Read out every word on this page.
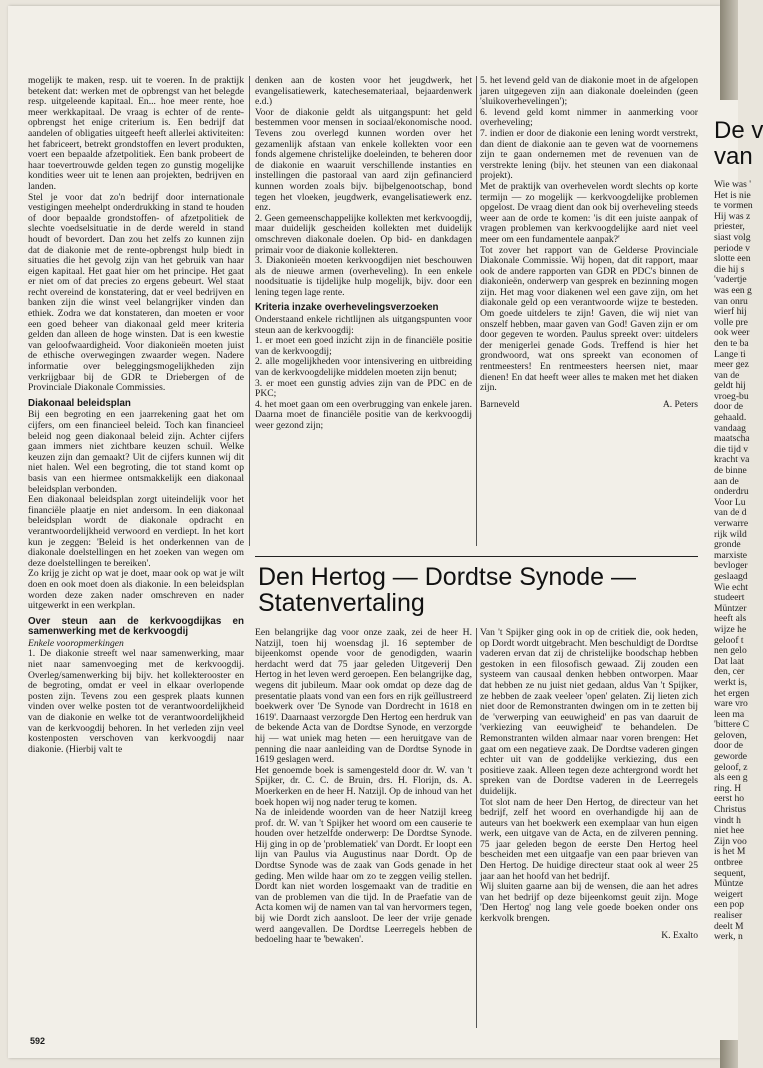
De v
van
Wie was '
Het is nie
te vormen
Hij was z
priester,
siast volg
periode v
slotte een
die hij s
'vadertje
was een g
van onru
wierf hij
volle pre
ook weer
den te ba
Lange ti
meer gez
van de
geldt hij
vroeg-bu
door de
gehaald.
vandaag
maatscha
die tijd v
kracht va
de binne
aan de
onderdru
Voor Lu
van de d
verwarre
rijk wild
gronde
marxiste
bevloger
geslaagd
Wie echt
studeert
Müntzer
heeft als
wijze he
geloof t
nen gelo
Dat laat
den, cer
werkt is,
het ergen
ware vro
leen ma
'bittere C
geloven,
door de
geworde
geloof, z
als een g
ring. H
eerst ho
Christus
vindt h
niet hee
Zijn voo
is het M
ontbree
sequent,
Müntze
weigert
een pop
realiser
deelt M
werk, n

mogelijk te maken, resp. uit te voeren. In de praktijk betekent dat: werken met de opbrengst van het belegde resp. uitgeleende kapitaal. En... hoe meer rente, hoe meer werkkapitaal. De vraag is echter of de rente-opbrengst het enige criterium is. Een bedrijf dat aandelen of obligaties uitgeeft heeft allerlei aktiviteiten: het fabriceert, betrekt grondstoffen en levert produkten, voert een bepaalde afzetpolitiek. Een bank probeert de haar toevertrouwde gelden tegen zo gunstig mogelijke kondities weer uit te lenen aan projekten, bedrijven en landen.

Stel je voor dat zo'n bedrijf door internationale vestigingen meehelpt onderdrukking in stand te houden of door bepaalde grondstoffen- of afzetpolitiek de slechte voedselsituatie in de derde wereld in stand houdt of bevordert. Dan zou het zelfs zo kunnen zijn dat de diakonie met de rente-opbrengst hulp biedt in situaties die het gevolg zijn van het gebruik van haar eigen kapitaal. Het gaat hier om het principe. Het gaat er niet om of dat precies zo ergens gebeurt. Wel staat recht overeind de konstatering, dat er veel bedrijven en banken zijn die winst veel belangrijker vinden dan ethiek. Zodra we dat konstateren, dan moeten er voor een goed beheer van diakonaal geld meer kriteria gelden dan alleen de hoge winsten. Dat is een kwestie van geloofwaardigheid. Voor diakonieën moeten juist de ethische overwegingen zwaarder wegen. Nadere informatie over beleggingsmogelijkheden zijn verkrijgbaar bij de GDR te Driebergen of de Provinciale Diakonale Commissies.

Diakonaal beleidsplan

Bij een begroting en een jaarrekening gaat het om cijfers, om een financieel beleid. Toch kan financieel beleid nog geen diakonaal beleid zijn. Achter cijfers gaan immers niet zichtbare keuzen schuil. Welke keuzen zijn dan gemaakt? Uit de cijfers kunnen wij dit niet halen. Wel een begroting, die tot stand komt op basis van een hiermee ontsmakkelijk een diakonaal beleidsplan verbonden.

Een diakonaal beleidsplan zorgt uiteindelijk voor het financiële plaatje en niet andersom. In een diakonaal beleidsplan wordt de diakonale opdracht en verantwoordelijkheid verwoord en verdiept. In het kort kun je zeggen: 'Beleid is het onderkennen van de diakonale doelstellingen en het zoeken van wegen om deze doelstellingen te bereiken'.

Zo krijg je zicht op wat je doet, maar ook op wat je wilt doen en ook moet doen als diakonie. In een beleidsplan worden deze zaken nader omschreven en nader uitgewerkt in een werkplan.

Over steun aan de kerkvoogdijkas en samenwerking met de kerkvoogdij

Enkele vooropmerkingen

1. De diakonie streeft wel naar samenwerking, maar niet naar samenvoeging met de kerkvoogdij. Overleg/samenwerking bij bijv. het kollekterooster en de begroting, omdat er veel in elkaar overlopende posten zijn. Tevens zou een gesprek plaats kunnen vinden over welke posten tot de verantwoordelijkheid van de diakonie en welke tot de verantwoordelijkheid van de kerkvoogdij behoren. In het verleden zijn veel kostenposten verschoven van kerkvoogdij naar diakonie. (Hierbij valt te

denken aan de kosten voor het jeugdwerk, het evangelisatiewerk, katechesemateriaal, bejaardenwerk e.d.)

Voor de diakonie geldt als uitgangspunt: het geld bestemmen voor mensen in sociaal/ekonomische nood. Tevens zou overlegd kunnen worden over het gezamenlijk afstaan van enkele kollekten voor een fonds algemene christelijke doeleinden, te beheren door de diakonie en waaruit verschillende instanties en instellingen die pastoraal van aard zijn gefinancierd kunnen worden zoals bijv. bijbelgenootschap, bond tegen het vloeken, jeugdwerk, evangelisatiewerk enz. enz.

2. Geen gemeenschappelijke kollekten met kerkvoogdij, maar duidelijk gescheiden kollekten met duidelijk omschreven diakonale doelen. Op bid- en dankdagen primair voor de diakonie kollekteren.

3. Diakonieën moeten kerkvoogdijen niet beschouwen als de nieuwe armen (overheveling). In een enkele noodsituatie is tijdelijke hulp mogelijk, bijv. door een lening tegen lage rente.

Kriteria inzake overhevelingsverzoeken

Onderstaand enkele richtlijnen als uitgangspunten voor steun aan de kerkvoogdij:

1. er moet een goed inzicht zijn in de financiële positie van de kerkvoogdij;

2. alle mogelijkheden voor intensivering en uitbreiding van de kerkvoogdelijke middelen moeten zijn benut;

3. er moet een gunstig advies zijn van de PDC en de PKC;

4. het moet gaan om een overbrugging van enkele jaren. Daarna moet de financiële positie van de kerkvoogdij weer gezond zijn;

5. het levend geld van de diakonie moet in de afgelopen jaren uitgegeven zijn aan diakonale doeleinden (geen 'sluikoverhevelingen');

6. levend geld komt nimmer in aanmerking voor overheveling;

7. indien er door de diakonie een lening wordt verstrekt, dan dient de diakonie aan te geven wat de voornemens zijn te gaan ondernemen met de revenuen van de verstrekte lening (bijv. het steunen van een diakonaal projekt).

Met de praktijk van overhevelen wordt slechts op korte termijn — zo mogelijk — kerkvoogdelijke problemen opgelost. De vraag dient dan ook bij overheveling steeds weer aan de orde te komen: 'is dit een juiste aanpak of vragen problemen van kerkvoogdelijke aard niet veel meer om een fundamentele aanpak?'

Tot zover het rapport van de Gelderse Provinciale Diakonale Commissie. Wij hopen, dat dit rapport, maar ook de andere rapporten van GDR en PDC's binnen de diakonieën, onderwerp van gesprek en bezinning mogen zijn. Het mag voor diakenen wel een gave zijn, om het diakonale geld op een verantwoorde wijze te besteden. Om goede uitdelers te zijn! Gaven, die wij niet van onszelf hebben, maar gaven van God! Gaven zijn er om door gegeven te worden. Paulus spreekt over: uitdelers der menigerlei genade Gods. Treffend is hier het grondwoord, wat ons spreekt van economen of rentmeesters! En rentmeesters heersen niet, maar dienen! En dat heeft weer alles te maken met het diaken zijn.

Barneveld	A. Peters
Den Hertog — Dordtse Synode — Statenvertaling

Een belangrijke dag voor onze zaak, zei de heer H. Natzijl, toen hij woensdag jl. 16 september de bijeenkomst opende voor de genodigden, waarin herdacht werd dat 75 jaar geleden Uitgeverij Den Hertog in het leven werd geroepen. Een belangrijke dag, wegens dit jubileum. Maar ook omdat op deze dag de presentatie plaats vond van een fors en rijk geïllustreerd boekwerk over 'De Synode van Dordrecht in 1618 en 1619'. Daarnaast verzorgde Den Hertog een herdruk van de bekende Acta van de Dordtse Synode, en verzorgde hij — wat uniek mag heten — een heruitgave van de penning die naar aanleiding van de Dordtse Synode in 1619 geslagen werd.

Het genoemde boek is samengesteld door dr. W. van 't Spijker, dr. C. C. de Bruin, drs. H. Florijn, ds. A. Moerkerken en de heer H. Natzijl. Op de inhoud van het boek hopen wij nog nader terug te komen.

Na de inleidende woorden van de heer Natzijl kreeg prof. dr. W. van 't Spijker het woord om een causerie te houden over hetzelfde onderwerp: De Dordtse Synode. Hij ging in op de 'problematiek' van Dordt. Er loopt een lijn van Paulus via Augustinus naar Dordt. Op de Dordtse Synode was de zaak van Gods genade in het geding. Men wilde haar om zo te zeggen veilig stellen. Dordt kan niet worden losgemaakt van de traditie en van de problemen van die tijd. In de Praefatie van de Acta komen wij de namen van tal van hervormers tegen, bij wie Dordt zich aansloot. De leer der vrije genade werd aangevallen. De Dordtse Leerregels hebben de bedoeling haar te 'bewaken'.

Van 't Spijker ging ook in op de critiek die, ook heden, op Dordt wordt uitgebracht. Men beschuldigt de Dordtse vaderen ervan dat zij de christelijke boodschap hebben gestoken in een filosofisch gewaad. Zij zouden een systeem van causaal denken hebben ontworpen. Maar dat hebben ze nu juist niet gedaan, aldus Van 't Spijker, ze hebben de zaak veeleer 'open' gelaten. Zij lieten zich niet door de Remonstranten dwingen om in te zetten bij de 'verwerping van eeuwigheid' en pas van daaruit de 'verkiezing van eeuwigheid' te behandelen. De Remonstranten wilden almaar naar voren brengen: Het gaat om een negatieve zaak. De Dordtse vaderen gingen echter uit van de goddelijke verkiezing, dus een positieve zaak. Alleen tegen deze achtergrond wordt het spreken van de Dordtse vaderen in de Leerregels duidelijk.

Tot slot nam de heer Den Hertog, de directeur van het bedrijf, zelf het woord en overhandigde hij aan de auteurs van het boekwerk een exemplaar van hun eigen werk, een uitgave van de Acta, en de zilveren penning. 75 jaar geleden begon de eerste Den Hertog heel bescheiden met een uitgaafje van een paar brieven van Den Hertog. De huidige directeur staat ook al weer 25 jaar aan het hoofd van het bedrijf.

Wij sluiten gaarne aan bij de wensen, die aan het adres van het bedrijf op deze bijeenkomst geuit zijn. Moge 'Den Hertog' nog lang vele goede boeken onder ons kerkvolk brengen.

K. Exalto
592
